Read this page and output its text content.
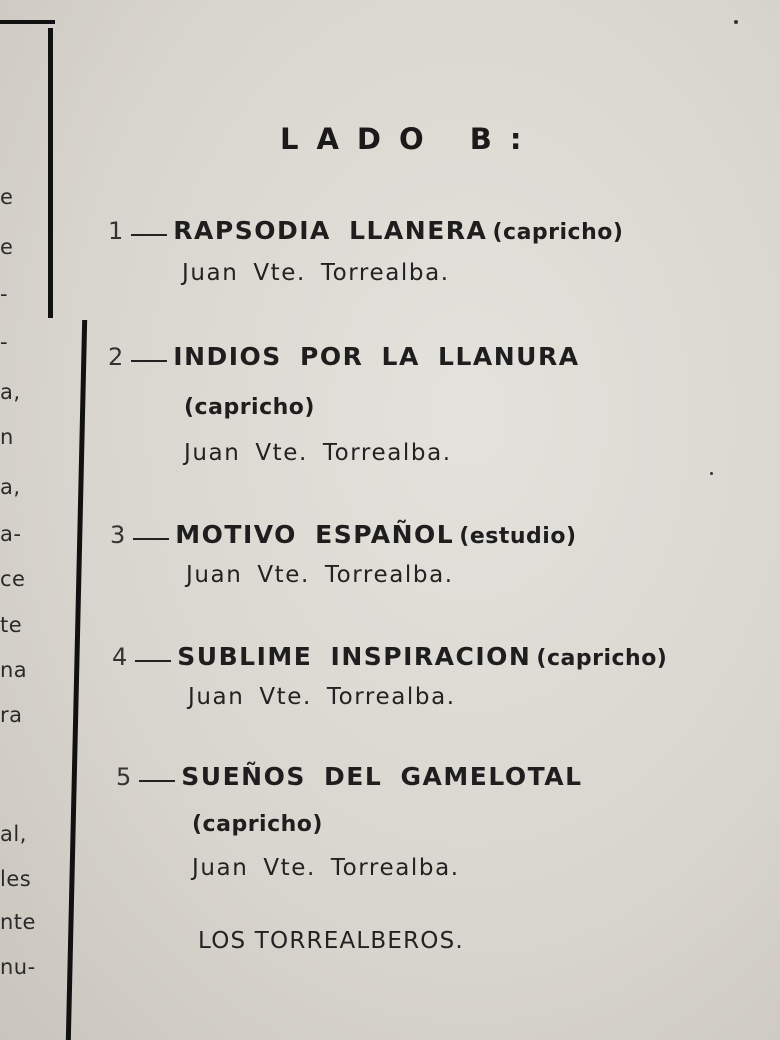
e
e
-
-
a,
n
a,
a-
ce
te
na
ra
al,
les
nte
nu-
LADO B:
1 RAPSODIA LLANERA (capricho)
Juan Vte. Torrealba.
2 INDIOS POR LA LLANURA
(capricho)
Juan Vte. Torrealba.
3 MOTIVO ESPAÑOL (estudio)
Juan Vte. Torrealba.
4 SUBLIME INSPIRACION (capricho)
Juan Vte. Torrealba.
5 SUEÑOS DEL GAMELOTAL
(capricho)
Juan Vte. Torrealba.
LOS TORREALBEROS.
